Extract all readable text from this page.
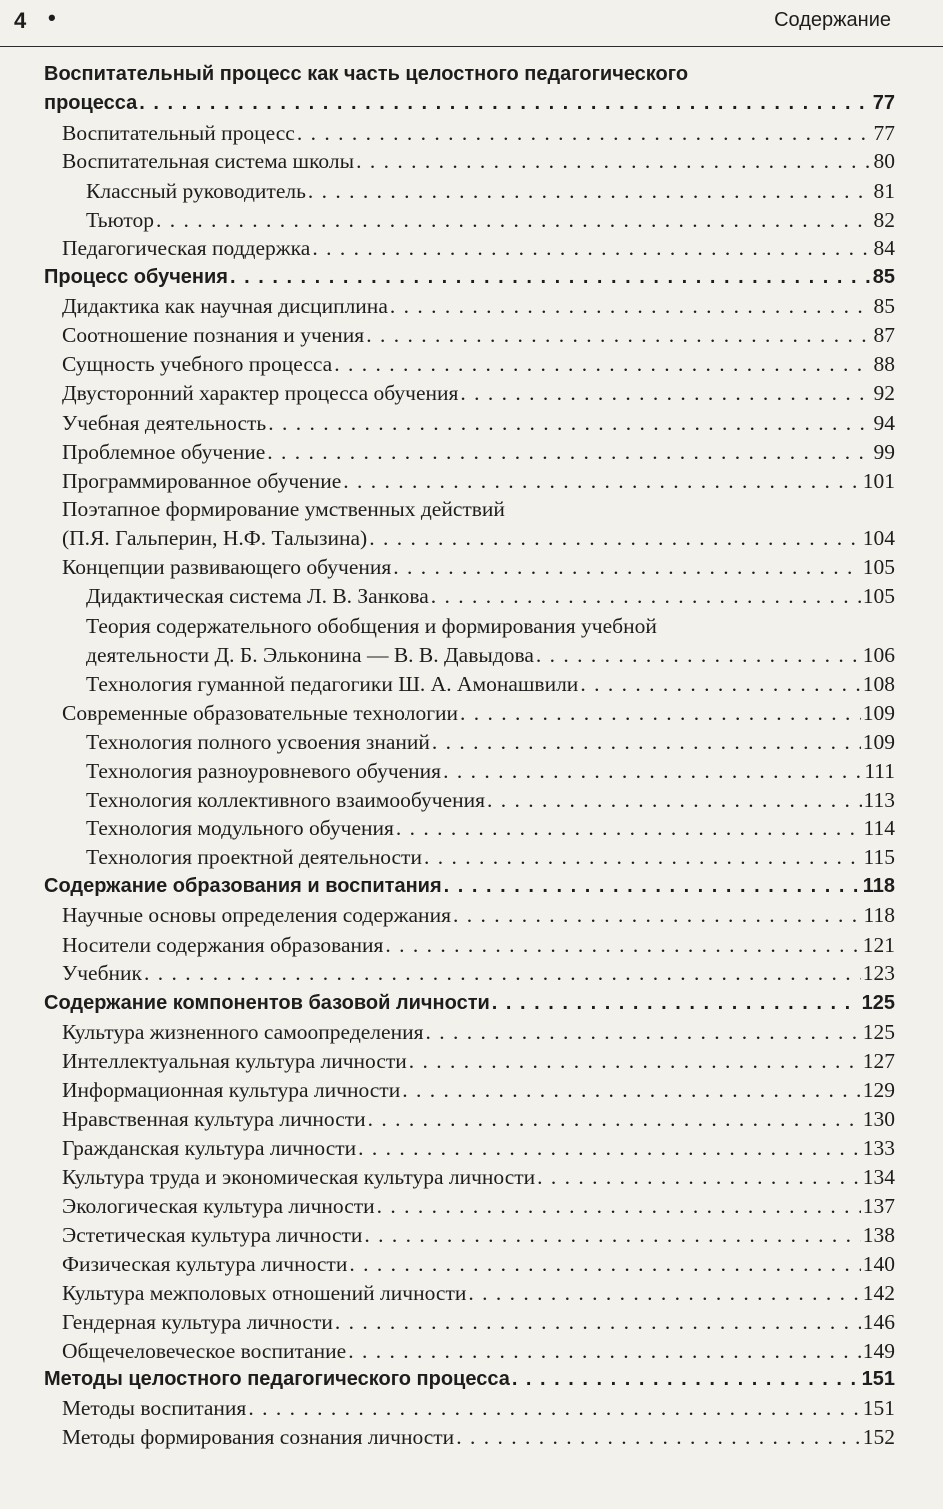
4 •	Содержание
Воспитательный процесс как часть целостного педагогического
процесса . . .	77
Воспитательный процесс . . .	77
Воспитательная система школы . . .	80
Классный руководитель . . .	81
Тьютор . . .	82
Педагогическая поддержка . . .	84
Процесс обучения . . .	85
Дидактика как научная дисциплина . . .	85
Соотношение познания и учения . . .	87
Сущность учебного процесса . . .	88
Двусторонний характер процесса обучения . . .	92
Учебная деятельность . . .	94
Проблемное обучение . . .	99
Программированное обучение . . .	101
Поэтапное формирование умственных действий
(П.Я. Гальперин, Н.Ф. Талызина) . . .	104
Концепции развивающего обучения . . .	105
Дидактическая система Л. В. Занкова . . .	105
Теория содержательного обобщения и формирования учебной
деятельности Д. Б. Эльконина — В. В. Давыдова . . .	106
Технология гуманной педагогики Ш. А. Амонашвили . . .	108
Современные образовательные технологии . . .	109
Технология полного усвоения знаний . . .	109
Технология разноуровневого обучения . . .	111
Технология коллективного взаимообучения . . .	113
Технология модульного обучения . . .	114
Технология проектной деятельности . . .	115
Содержание образования и воспитания . . .	118
Научные основы определения содержания . . .	118
Носители содержания образования . . .	121
Учебник . . .	123
Содержание компонентов базовой личности . . .	125
Культура жизненного самоопределения . . .	125
Интеллектуальная культура личности . . .	127
Информационная культура личности . . .	129
Нравственная культура личности . . .	130
Гражданская культура личности . . .	133
Культура труда и экономическая культура личности . . .	134
Экологическая культура личности . . .	137
Эстетическая культура личности . . .	138
Физическая культура личности . . .	140
Культура межполовых отношений личности . . .	142
Гендерная культура личности . . .	146
Общечеловеческое воспитание . . .	149
Методы целостного педагогического процесса . . .	151
Методы воспитания . . .	151
Методы формирования сознания личности . . .	152
